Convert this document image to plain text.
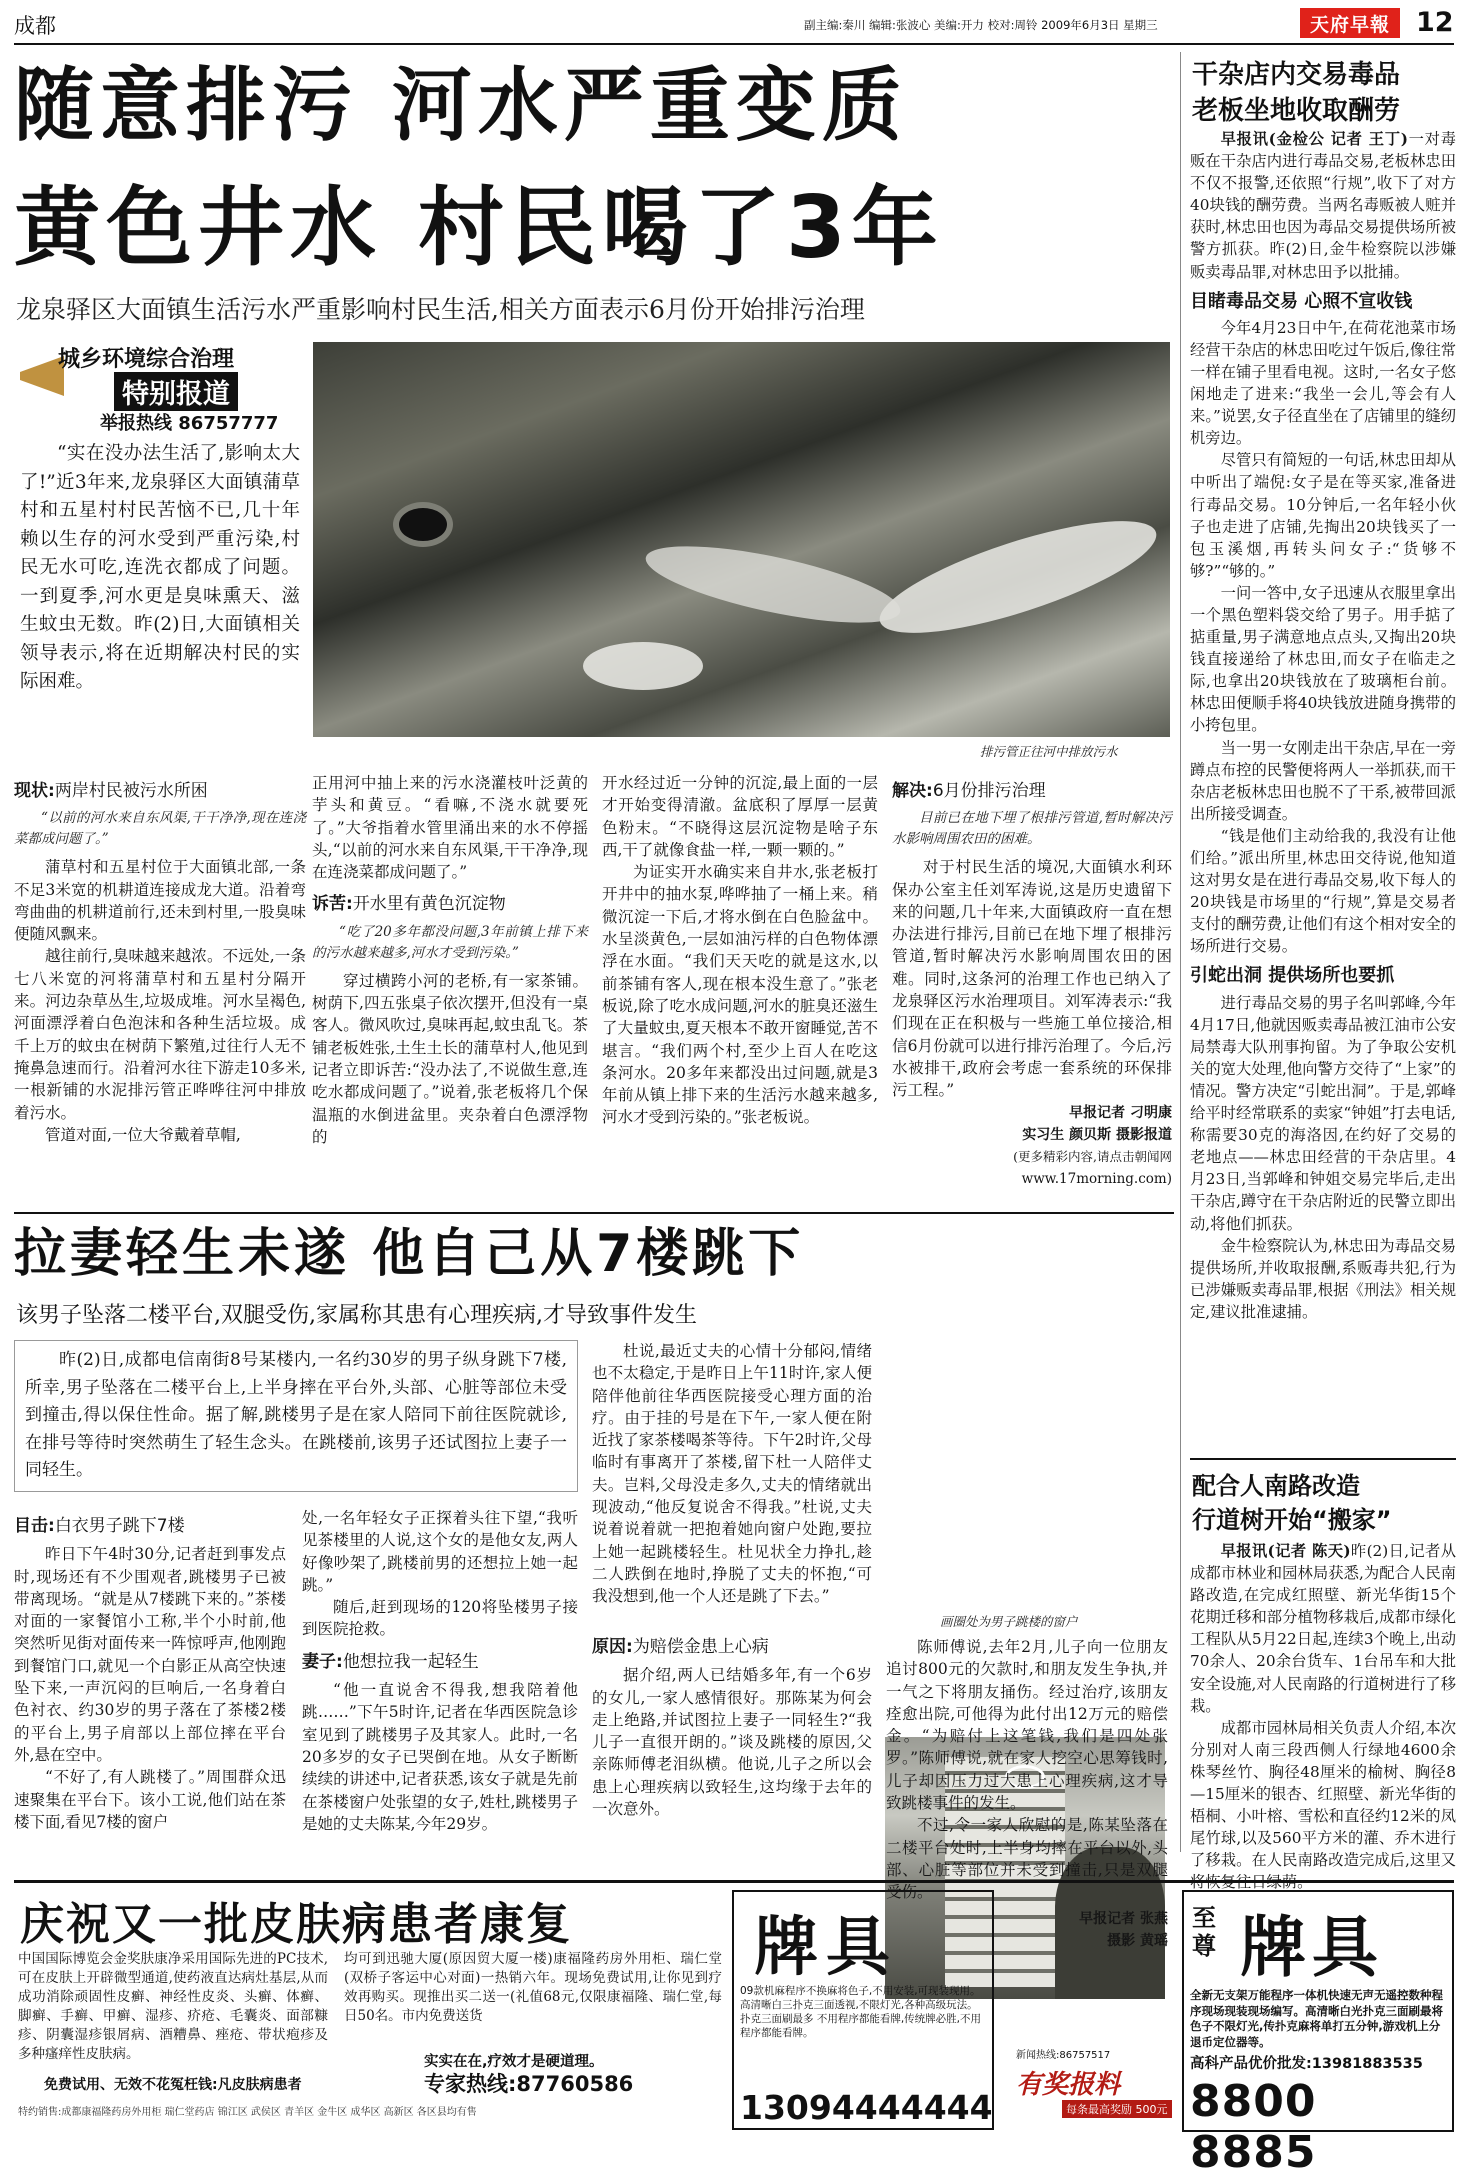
成都	副主编:秦川 编辑:张波心 美编:开力 校对:周铃 2009年6月3日 星期三	天府早報 12
随意排污 河水严重变质
黄色井水 村民喝了3年
龙泉驿区大面镇生活污水严重影响村民生活,相关方面表示6月份开始排污治理
城乡环境综合治理
特别报道
举报热线 86757777

“实在没办法生活了,影响太大了!”近3年来,龙泉驿区大面镇蒲草村和五星村村民苦恼不已,几十年赖以生存的河水受到严重污染,村民无水可吃,连洗衣都成了问题。一到夏季,河水更是臭味熏天、滋生蚊虫无数。昨(2)日,大面镇相关领导表示,将在近期解决村民的实际困难。

排污管正往河中排放污水
现状:两岸村民被污水所困

“以前的河水来自东风渠,干干净净,现在连浇菜都成问题了。”

蒲草村和五星村位于大面镇北部,一条不足3米宽的机耕道连接成龙大道。沿着弯弯曲曲的机耕道前行,还未到村里,一股臭味便随风飘来。

越往前行,臭味越来越浓。不远处,一条七八米宽的河将蒲草村和五星村分隔开来。河边杂草丛生,垃圾成堆。河水呈褐色,河面漂浮着白色泡沫和各种生活垃圾。成千上万的蚊虫在树荫下繁殖,过往行人无不掩鼻急速而行。沿着河水往下游走10多米,一根新铺的水泥排污管正哗哗往河中排放着污水。

管道对面,一位大爷戴着草帽,

正用河中抽上来的污水浇灌枝叶泛黄的芋头和黄豆。“看嘛,不浇水就要死了。”大爷指着水管里涌出来的水不停摇头,“以前的河水来自东风渠,干干净净,现在连浇菜都成问题了。”

诉苦:开水里有黄色沉淀物

“吃了20多年都没问题,3年前镇上排下来的污水越来越多,河水才受到污染。”

穿过横跨小河的老桥,有一家茶铺。树荫下,四五张桌子依次摆开,但没有一桌客人。微风吹过,臭味再起,蚊虫乱飞。茶铺老板姓张,土生土长的蒲草村人,他见到记者立即诉苦:“没办法了,不说做生意,连吃水都成问题了。”说着,张老板将几个保温瓶的水倒进盆里。夹杂着白色漂浮物的

开水经过近一分钟的沉淀,最上面的一层才开始变得清澈。盆底积了厚厚一层黄色粉末。“不晓得这层沉淀物是啥子东西,干了就像食盐一样,一颗一颗的。”

为证实开水确实来自井水,张老板打开井中的抽水泵,哗哗抽了一桶上来。稍微沉淀一下后,才将水倒在白色脸盆中。水呈淡黄色,一层如油污样的白色物体漂浮在水面。“我们天天吃的就是这水,以前茶铺有客人,现在根本没生意了。”张老板说,除了吃水成问题,河水的脏臭还滋生了大量蚊虫,夏天根本不敢开窗睡觉,苦不堪言。“我们两个村,至少上百人在吃这条河水。20多年来都没出过问题,就是3年前从镇上排下来的生活污水越来越多,河水才受到污染的。”张老板说。

解决:6月份排污治理

目前已在地下埋了根排污管道,暂时解决污水影响周围农田的困难。

对于村民生活的境况,大面镇水利环保办公室主任刘军涛说,这是历史遗留下来的问题,几十年来,大面镇政府一直在想办法进行排污,目前已在地下埋了根排污管道,暂时解决污水影响周围农田的困难。同时,这条河的治理工作也已纳入了龙泉驿区污水治理项目。刘军涛表示:“我们现在正在积极与一些施工单位接洽,相信6月份就可以进行排污治理了。今后,污水被排干,政府会考虑一套系统的环保排污工程。”

早报记者 刁明康
实习生 颜贝斯 摄影报道
(更多精彩内容,请点击朝闻网
www.17morning.com)
拉妻轻生未遂 他自己从7楼跳下
该男子坠落二楼平台,双腿受伤,家属称其患有心理疾病,才导致事件发生

昨(2)日,成都电信南街8号某楼内,一名约30岁的男子纵身跳下7楼,所幸,男子坠落在二楼平台上,上半身摔在平台外,头部、心脏等部位未受到撞击,得以保住性命。据了解,跳楼男子是在家人陪同下前往医院就诊,在排号等待时突然萌生了轻生念头。在跳楼前,该男子还试图拉上妻子一同轻生。

目击:白衣男子跳下7楼

昨日下午4时30分,记者赶到事发点时,现场还有不少围观者,跳楼男子已被带离现场。“就是从7楼跳下来的。”茶楼对面的一家餐馆小工称,半个小时前,他突然听见街对面传来一阵惊呼声,他刚跑到餐馆门口,就见一个白影正从高空快速坠下来,一声沉闷的巨响后,一名身着白色衬衣、约30岁的男子落在了茶楼2楼的平台上,男子肩部以上部位摔在平台外,悬在空中。

“不好了,有人跳楼了。”周围群众迅速聚集在平台下。该小工说,他们站在茶楼下面,看见7楼的窗户

处,一名年轻女子正探着头往下望,“我听见茶楼里的人说,这个女的是他女友,两人好像吵架了,跳楼前男的还想拉上她一起跳。”

随后,赶到现场的120将坠楼男子接到医院抢救。

妻子:他想拉我一起轻生

“他一直说舍不得我,想我陪着他跳……”下午5时许,记者在华西医院急诊室见到了跳楼男子及其家人。此时,一名20多岁的女子已哭倒在地。从女子断断续续的讲述中,记者获悉,该女子就是先前在茶楼窗户处张望的女子,姓杜,跳楼男子是她的丈夫陈某,今年29岁。

杜说,最近丈夫的心情十分郁闷,情绪也不太稳定,于是昨日上午11时许,家人便陪伴他前往华西医院接受心理方面的治疗。由于挂的号是在下午,一家人便在附近找了家茶楼喝茶等待。下午2时许,父母临时有事离开了茶楼,留下杜一人陪伴丈夫。岂料,父母没走多久,丈夫的情绪就出现波动,“他反复说舍不得我。”杜说,丈夫说着说着就一把抱着她向窗户处跑,要拉上她一起跳楼轻生。杜见状全力挣扎,趁二人跌倒在地时,挣脱了丈夫的怀抱,“可我没想到,他一个人还是跳了下去。”

画圈处为男子跳楼的窗户
原因:为赔偿金患上心病

据介绍,两人已结婚多年,有一个6岁的女儿,一家人感情很好。那陈某为何会走上绝路,并试图拉上妻子一同轻生?“我儿子一直很开朗的。”谈及跳楼的原因,父亲陈师傅老泪纵横。他说,儿子之所以会患上心理疾病以致轻生,这均缘于去年的一次意外。

陈师傅说,去年2月,儿子向一位朋友追讨800元的欠款时,和朋友发生争执,并一气之下将朋友捅伤。经过治疗,该朋友痊愈出院,可他得为此付出12万元的赔偿金。“为赔付上这笔钱,我们是四处张罗。”陈师傅说,就在家人挖空心思筹钱时,儿子却因压力过大患上心理疾病,这才导致跳楼事件的发生。

不过,令一家人欣慰的是,陈某坠落在二楼平台处时,上半身均摔在平台以外,头部、心脏等部位并未受到撞击,只是双腿受伤。

早报记者 张燕
摄影 黄瑶
干杂店内交易毒品
老板坐地收取酬劳

早报讯(金检公 记者 王丁)一对毒贩在干杂店内进行毒品交易,老板林忠田不仅不报警,还依照“行规”,收下了对方40块钱的酬劳费。当两名毒贩被人赃并获时,林忠田也因为毒品交易提供场所被警方抓获。昨(2)日,金牛检察院以涉嫌贩卖毒品罪,对林忠田予以批捕。

目睹毒品交易 心照不宣收钱

今年4月23日中午,在荷花池菜市场经营干杂店的林忠田吃过午饭后,像往常一样在铺子里看电视。这时,一名女子悠闲地走了进来:“我坐一会儿,等会有人来。”说罢,女子径直坐在了店铺里的缝纫机旁边。

尽管只有简短的一句话,林忠田却从中听出了端倪:女子是在等买家,准备进行毒品交易。10分钟后,一名年轻小伙子也走进了店铺,先掏出20块钱买了一包玉溪烟,再转头问女子:“货够不够?”“够的。”

一问一答中,女子迅速从衣服里拿出一个黑色塑料袋交给了男子。用手掂了掂重量,男子满意地点点头,又掏出20块钱直接递给了林忠田,而女子在临走之际,也拿出20块钱放在了玻璃柜台前。林忠田便顺手将40块钱放进随身携带的小挎包里。

当一男一女刚走出干杂店,早在一旁蹲点布控的民警便将两人一举抓获,而干杂店老板林忠田也脱不了干系,被带回派出所接受调查。

“钱是他们主动给我的,我没有让他们给。”派出所里,林忠田交待说,他知道这对男女是在进行毒品交易,收下每人的20块钱是市场里的“行规”,算是交易者支付的酬劳费,让他们有这个相对安全的场所进行交易。

引蛇出洞 提供场所也要抓

进行毒品交易的男子名叫郭峰,今年4月17日,他就因贩卖毒品被江油市公安局禁毒大队刑事拘留。为了争取公安机关的宽大处理,他向警方交待了“上家”的情况。警方决定“引蛇出洞”。于是,郭峰给平时经常联系的卖家“钟姐”打去电话,称需要30克的海洛因,在约好了交易的老地点——林忠田经营的干杂店里。4月23日,当郭峰和钟姐交易完毕后,走出干杂店,蹲守在干杂店附近的民警立即出动,将他们抓获。

金牛检察院认为,林忠田为毒品交易提供场所,并收取报酬,系贩毒共犯,行为已涉嫌贩卖毒品罪,根据《刑法》相关规定,建议批准逮捕。

配合人南路改造
行道树开始“搬家”

早报讯(记者 陈天)昨(2)日,记者从成都市林业和园林局获悉,为配合人民南路改造,在完成红照壁、新光华街15个花期迁移和部分植物移栽后,成都市绿化工程队从5月22日起,连续3个晚上,出动70余人、20余台货车、1台吊车和大批安全设施,对人民南路的行道树进行了移栽。

成都市园林局相关负责人介绍,本次分别对人南三段西侧人行绿地4600余株琴丝竹、胸径48厘米的榆树、胸径8—15厘米的银杏、红照壁、新光华街的梧桐、小叶榕、雪松和直径约12米的凤尾竹球,以及560平方米的灌、乔木进行了移栽。在人民南路改造完成后,这里又

庆祝又一批皮肤病患者康复
中国国际博览会金奖肤康净采用国际先进的PC技术,可在皮肤上开辟微型通道,使药液直达病灶基层,从而成功消除顽固性皮癣、神经性皮炎、头癣、体癣、脚癣、手癣、甲癣、湿疹、疥疮、毛囊炎、面部糠疹、阴囊湿疹银屑病、酒糟鼻、痤疮、带状疱疹及多种瘙痒性皮肤病。
均可到迅驰大厦(原因贸大厦一楼)康福隆药房外用柜、瑞仁堂(双桥子客运中心对面)一热销六年。现场免费试用,让你见到疗效再购买。现推出买二送一(礼值68元,仅限康福隆、瑞仁堂,每日50名。市内免费送货
实实在在,疗效才是硬道理。
免费试用、无效不花冤枉钱:凡皮肤病患者	专家热线:87760586
特约销售:成都康福隆药房外用柜 瑞仁堂药店 锦江区 武侯区 青羊区 金牛区 成华区 高新区 各区县均有售
牌具
09款机麻程序不换麻将色子,不用安装,可现装现用。高清晰白三扑克三面透视,不限灯光,各种高级玩法。扑克三面刷最多 不用程序都能看牌,传统牌必胜,不用程序都能看牌。
13094444444
新闻热线:86757517
有奖报料
每条最高奖励 500元
至尊 牌具
全新无支架万能程序一体机快速无声无遥控数种程序现场现装现场编写。高清晰白光扑克三面刷最将色子不限灯光,传扑克麻将单打五分钟,游戏机上分退币定位器等。
高科产品优价批发:13981883535
8800 8885
